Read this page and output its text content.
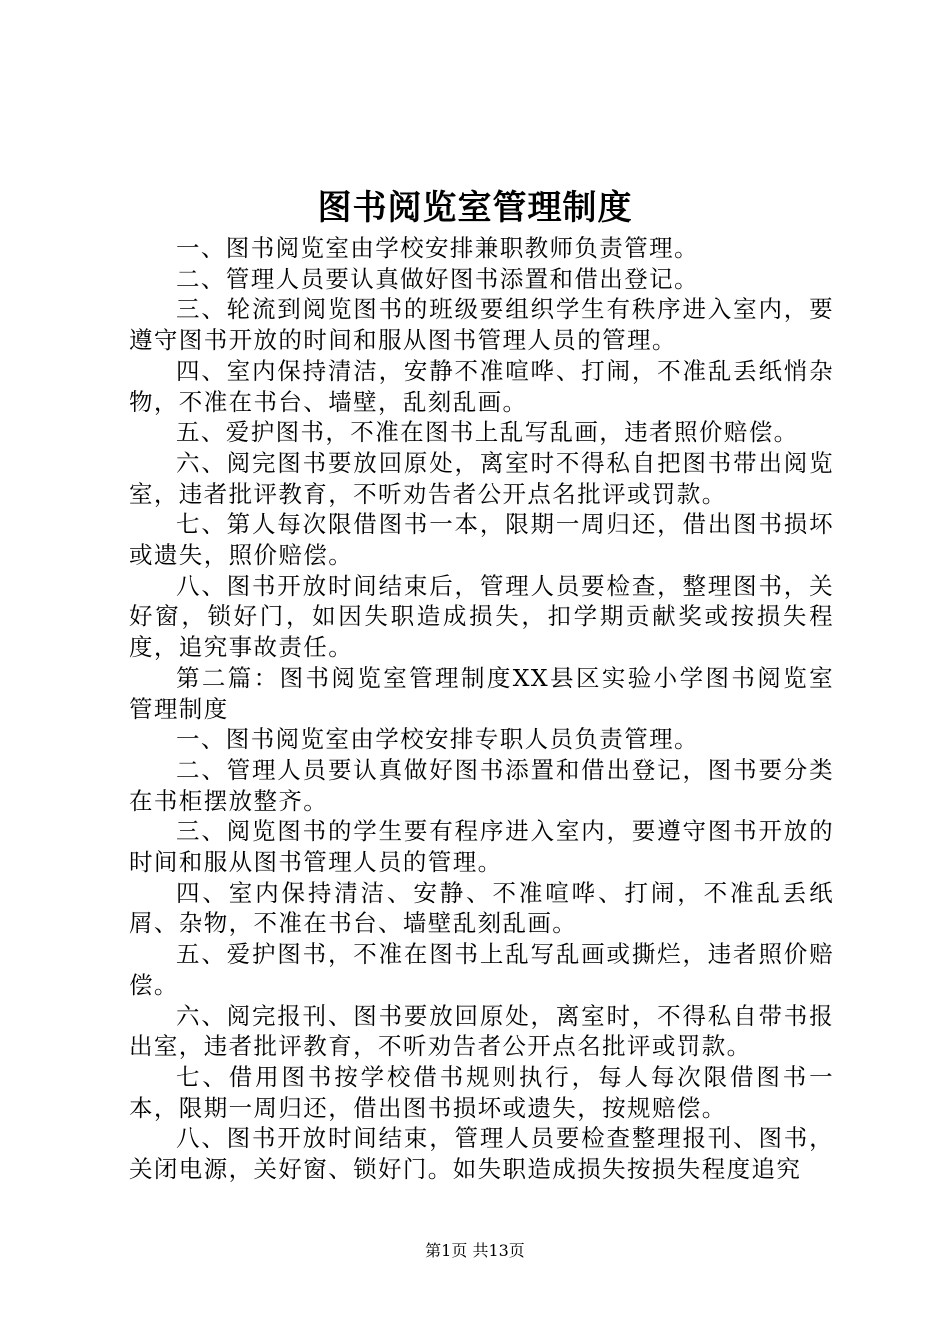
图书阅览室管理制度

一、图书阅览室由学校安排兼职教师负责管理。

二、管理人员要认真做好图书添置和借出登记。

三、轮流到阅览图书的班级要组织学生有秩序进入室内，要遵守图书开放的时间和服从图书管理人员的管理。

四、室内保持清洁，安静不准喧哗、打闹，不准乱丢纸悄杂物，不准在书台、墙壁，乱刻乱画。

五、爱护图书，不准在图书上乱写乱画，违者照价赔偿。

六、阅完图书要放回原处，离室时不得私自把图书带出阅览室，违者批评教育，不听劝告者公开点名批评或罚款。

七、第人每次限借图书一本，限期一周归还，借出图书损坏或遗失，照价赔偿。

八、图书开放时间结束后，管理人员要检查，整理图书，关好窗，锁好门，如因失职造成损失，扣学期贡献奖或按损失程度，追究事故责任。

第二篇：图书阅览室管理制度XX县区实验小学图书阅览室管理制度

一、图书阅览室由学校安排专职人员负责管理。

二、管理人员要认真做好图书添置和借出登记，图书要分类在书柜摆放整齐。

三、阅览图书的学生要有程序进入室内，要遵守图书开放的时间和服从图书管理人员的管理。

四、室内保持清洁、安静、不准喧哗、打闹，不准乱丢纸屑、杂物，不准在书台、墙壁乱刻乱画。

五、爱护图书，不准在图书上乱写乱画或撕烂，违者照价赔偿。

六、阅完报刊、图书要放回原处，离室时，不得私自带书报出室，违者批评教育，不听劝告者公开点名批评或罚款。

七、借用图书按学校借书规则执行，每人每次限借图书一本，限期一周归还，借出图书损坏或遗失，按规赔偿。

八、图书开放时间结束，管理人员要检查整理报刊、图书，关闭电源，关好窗、锁好门。如失职造成损失按损失程度追究

第1页 共13页
